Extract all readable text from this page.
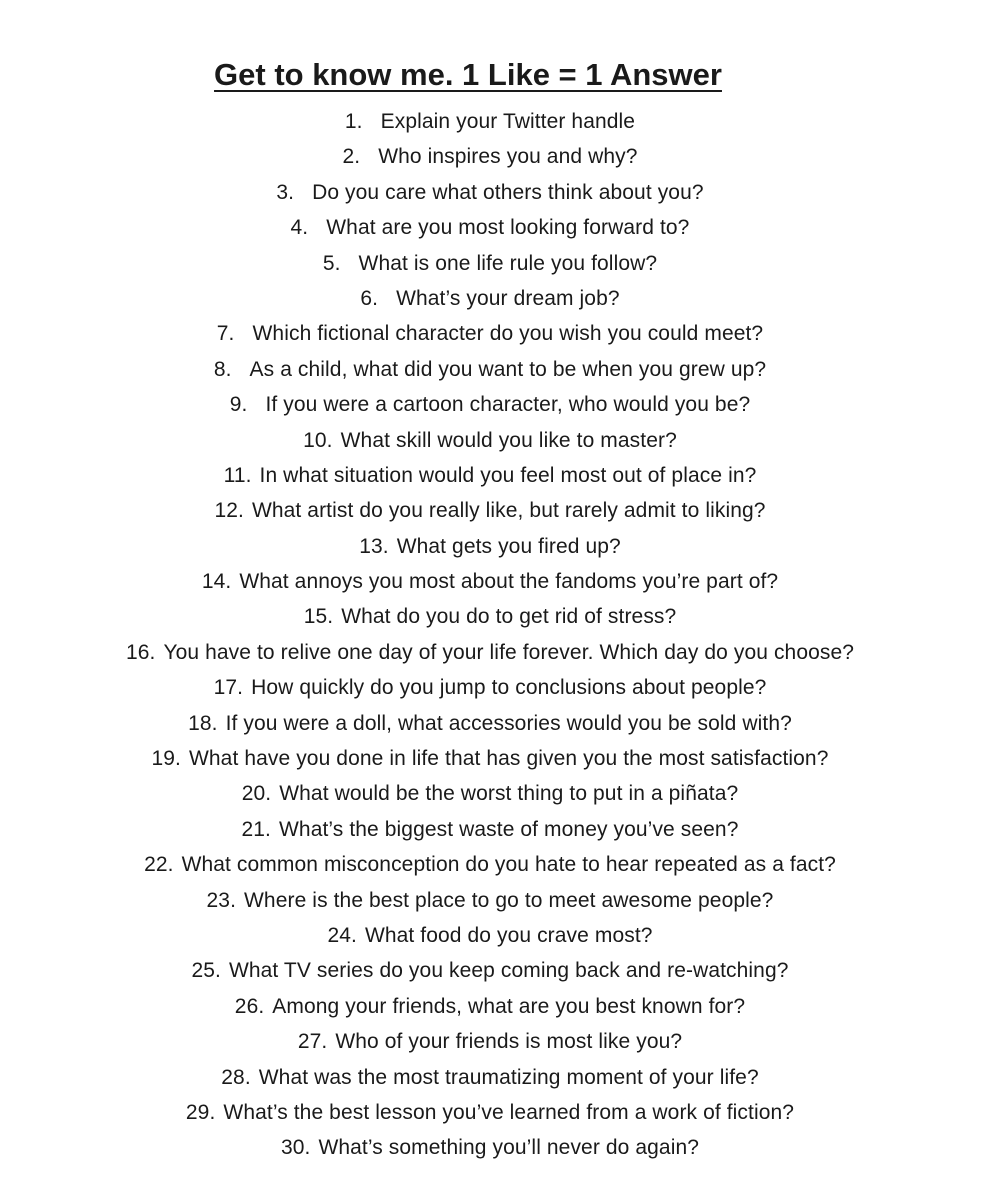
Get to know me. 1 Like = 1 Answer
1. Explain your Twitter handle
2. Who inspires you and why?
3. Do you care what others think about you?
4. What are you most looking forward to?
5. What is one life rule you follow?
6. What’s your dream job?
7. Which fictional character do you wish you could meet?
8. As a child, what did you want to be when you grew up?
9. If you were a cartoon character, who would you be?
10. What skill would you like to master?
11. In what situation would you feel most out of place in?
12. What artist do you really like, but rarely admit to liking?
13. What gets you fired up?
14. What annoys you most about the fandoms you’re part of?
15. What do you do to get rid of stress?
16. You have to relive one day of your life forever. Which day do you choose?
17. How quickly do you jump to conclusions about people?
18. If you were a doll, what accessories would you be sold with?
19. What have you done in life that has given you the most satisfaction?
20. What would be the worst thing to put in a piñata?
21. What’s the biggest waste of money you’ve seen?
22. What common misconception do you hate to hear repeated as a fact?
23. Where is the best place to go to meet awesome people?
24. What food do you crave most?
25. What TV series do you keep coming back and re-watching?
26. Among your friends, what are you best known for?
27. Who of your friends is most like you?
28. What was the most traumatizing moment of your life?
29. What’s the best lesson you’ve learned from a work of fiction?
30. What’s something you’ll never do again?
